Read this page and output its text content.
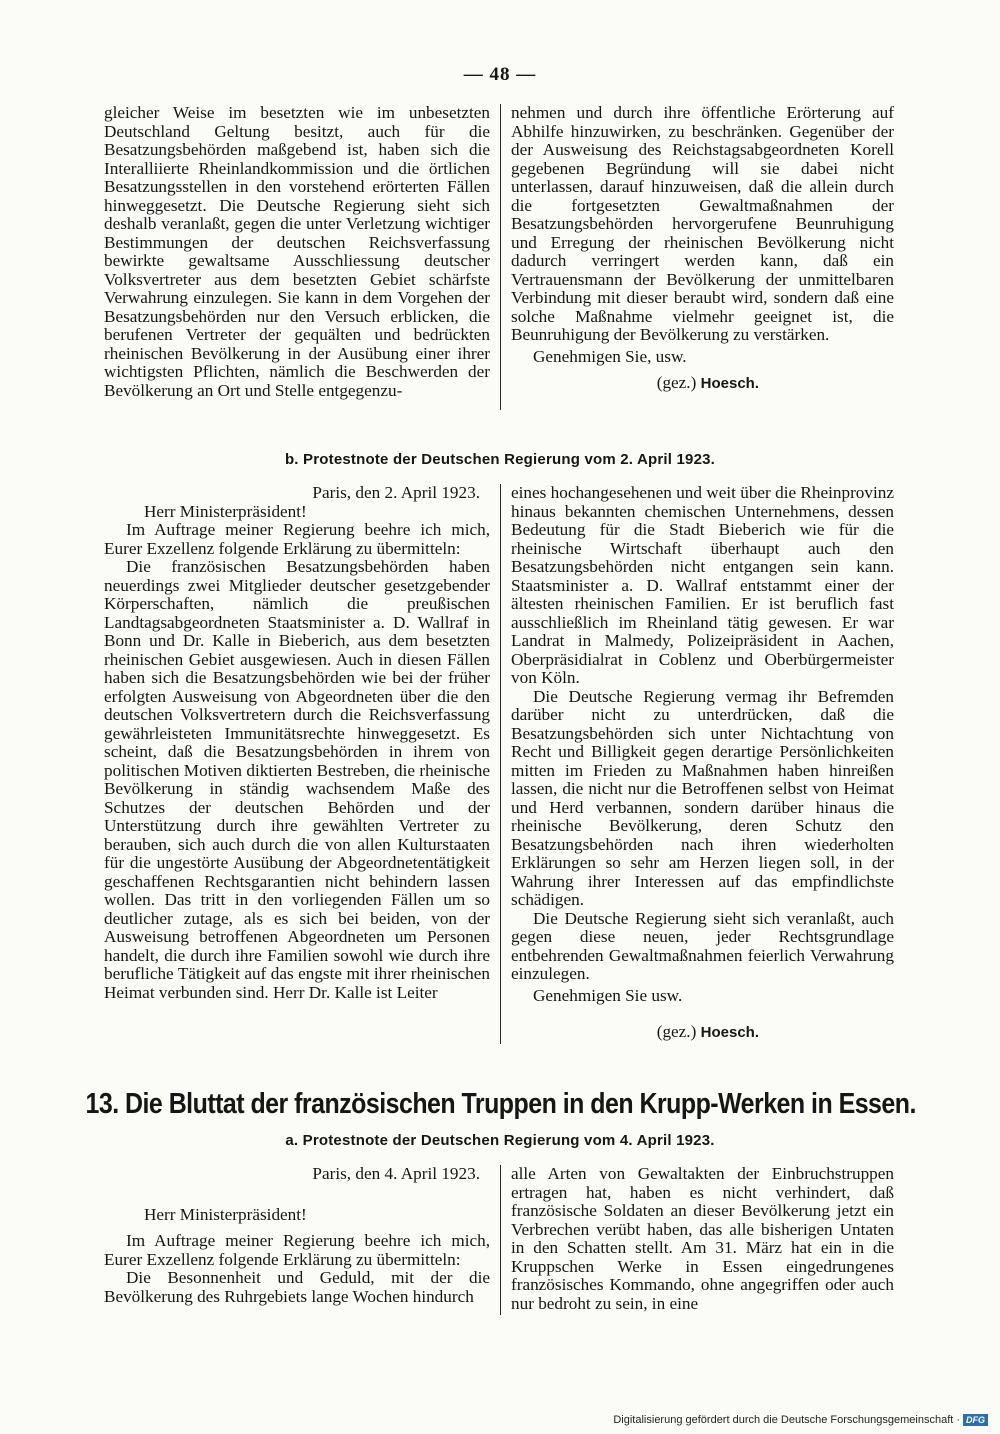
— 48 —

gleicher Weise im besetzten wie im unbesetzten Deutschland Geltung besitzt, auch für die Besatzungsbehörden maßgebend ist, haben sich die Interalliierte Rheinlandkommission und die örtlichen Besatzungsstellen in den vorstehend erörterten Fällen hinweggesetzt. Die Deutsche Regierung sieht sich deshalb veranlaßt, gegen die unter Verletzung wichtiger Bestimmungen der deutschen Reichsverfassung bewirkte gewaltsame Ausschliessung deutscher Volksvertreter aus dem besetzten Gebiet schärfste Verwahrung einzulegen. Sie kann in dem Vorgehen der Besatzungsbehörden nur den Versuch erblicken, die berufenen Vertreter der gequälten und bedrückten rheinischen Bevölkerung in der Ausübung einer ihrer wichtigsten Pflichten, nämlich die Beschwerden der Bevölkerung an Ort und Stelle entgegenzu-

nehmen und durch ihre öffentliche Erörterung auf Abhilfe hinzuwirken, zu beschränken. Gegenüber der der Ausweisung des Reichstagsabgeordneten Korell gegebenen Begründung will sie dabei nicht unterlassen, darauf hinzuweisen, daß die allein durch die fortgesetzten Gewaltmaßnahmen der Besatzungsbehörden hervorgerufene Beunruhigung und Erregung der rheinischen Bevölkerung nicht dadurch verringert werden kann, daß ein Vertrauensmann der Bevölkerung der unmittelbaren Verbindung mit dieser beraubt wird, sondern daß eine solche Maßnahme vielmehr geeignet ist, die Beunruhigung der Bevölkerung zu verstärken.

Genehmigen Sie, usw.

(gez.) Hoesch.

b. Protestnote der Deutschen Regierung vom 2. April 1923.

Paris, den 2. April 1923.

Herr Ministerpräsident!

Im Auftrage meiner Regierung beehre ich mich, Eurer Exzellenz folgende Erklärung zu übermitteln:

Die französischen Besatzungsbehörden haben neuerdings zwei Mitglieder deutscher gesetzgebender Körperschaften, nämlich die preußischen Landtagsabgeordneten Staatsminister a. D. Wallraf in Bonn und Dr. Kalle in Bieberich, aus dem besetzten rheinischen Gebiet ausgewiesen. Auch in diesen Fällen haben sich die Besatzungsbehörden wie bei der früher erfolgten Ausweisung von Abgeordneten über die den deutschen Volksvertretern durch die Reichsverfassung gewährleisteten Immunitätsrechte hinweggesetzt. Es scheint, daß die Besatzungsbehörden in ihrem von politischen Motiven diktierten Bestreben, die rheinische Bevölkerung in ständig wachsendem Maße des Schutzes der deutschen Behörden und der Unterstützung durch ihre gewählten Vertreter zu berauben, sich auch durch die von allen Kulturstaaten für die ungestörte Ausübung der Abgeordnetentätigkeit geschaffenen Rechtsgarantien nicht behindern lassen wollen. Das tritt in den vorliegenden Fällen um so deutlicher zutage, als es sich bei beiden, von der Ausweisung betroffenen Abgeordneten um Personen handelt, die durch ihre Familien sowohl wie durch ihre berufliche Tätigkeit auf das engste mit ihrer rheinischen Heimat verbunden sind. Herr Dr. Kalle ist Leiter

eines hochangesehenen und weit über die Rheinprovinz hinaus bekannten chemischen Unternehmens, dessen Bedeutung für die Stadt Bieberich wie für die rheinische Wirtschaft überhaupt auch den Besatzungsbehörden nicht entgangen sein kann. Staatsminister a. D. Wallraf entstammt einer der ältesten rheinischen Familien. Er ist beruflich fast ausschließlich im Rheinland tätig gewesen. Er war Landrat in Malmedy, Polizeipräsident in Aachen, Oberpräsidialrat in Coblenz und Oberbürgermeister von Köln.

Die Deutsche Regierung vermag ihr Befremden darüber nicht zu unterdrücken, daß die Besatzungsbehörden sich unter Nichtachtung von Recht und Billigkeit gegen derartige Persönlichkeiten mitten im Frieden zu Maßnahmen haben hinreißen lassen, die nicht nur die Betroffenen selbst von Heimat und Herd verbannen, sondern darüber hinaus die rheinische Bevölkerung, deren Schutz den Besatzungsbehörden nach ihren wiederholten Erklärungen so sehr am Herzen liegen soll, in der Wahrung ihrer Interessen auf das empfindlichste schädigen.

Die Deutsche Regierung sieht sich veranlaßt, auch gegen diese neuen, jeder Rechtsgrundlage entbehrenden Gewaltmaßnahmen feierlich Verwahrung einzulegen.

Genehmigen Sie usw.

(gez.) Hoesch.

13. Die Bluttat der französischen Truppen in den Krupp-Werken in Essen.
a. Protestnote der Deutschen Regierung vom 4. April 1923.

Paris, den 4. April 1923.

Herr Ministerpräsident!

Im Auftrage meiner Regierung beehre ich mich, Eurer Exzellenz folgende Erklärung zu übermitteln:

Die Besonnenheit und Geduld, mit der die Bevölkerung des Ruhrgebiets lange Wochen hindurch

alle Arten von Gewaltakten der Einbruchstruppen ertragen hat, haben es nicht verhindert, daß französische Soldaten an dieser Bevölkerung jetzt ein Verbrechen verübt haben, das alle bisherigen Untaten in den Schatten stellt. Am 31. März hat ein in die Kruppschen Werke in Essen eingedrungenes französisches Kommando, ohne angegriffen oder auch nur bedroht zu sein, in eine

Digitalisierung gefördert durch die Deutsche Forschungsgemeinschaft · DFG
